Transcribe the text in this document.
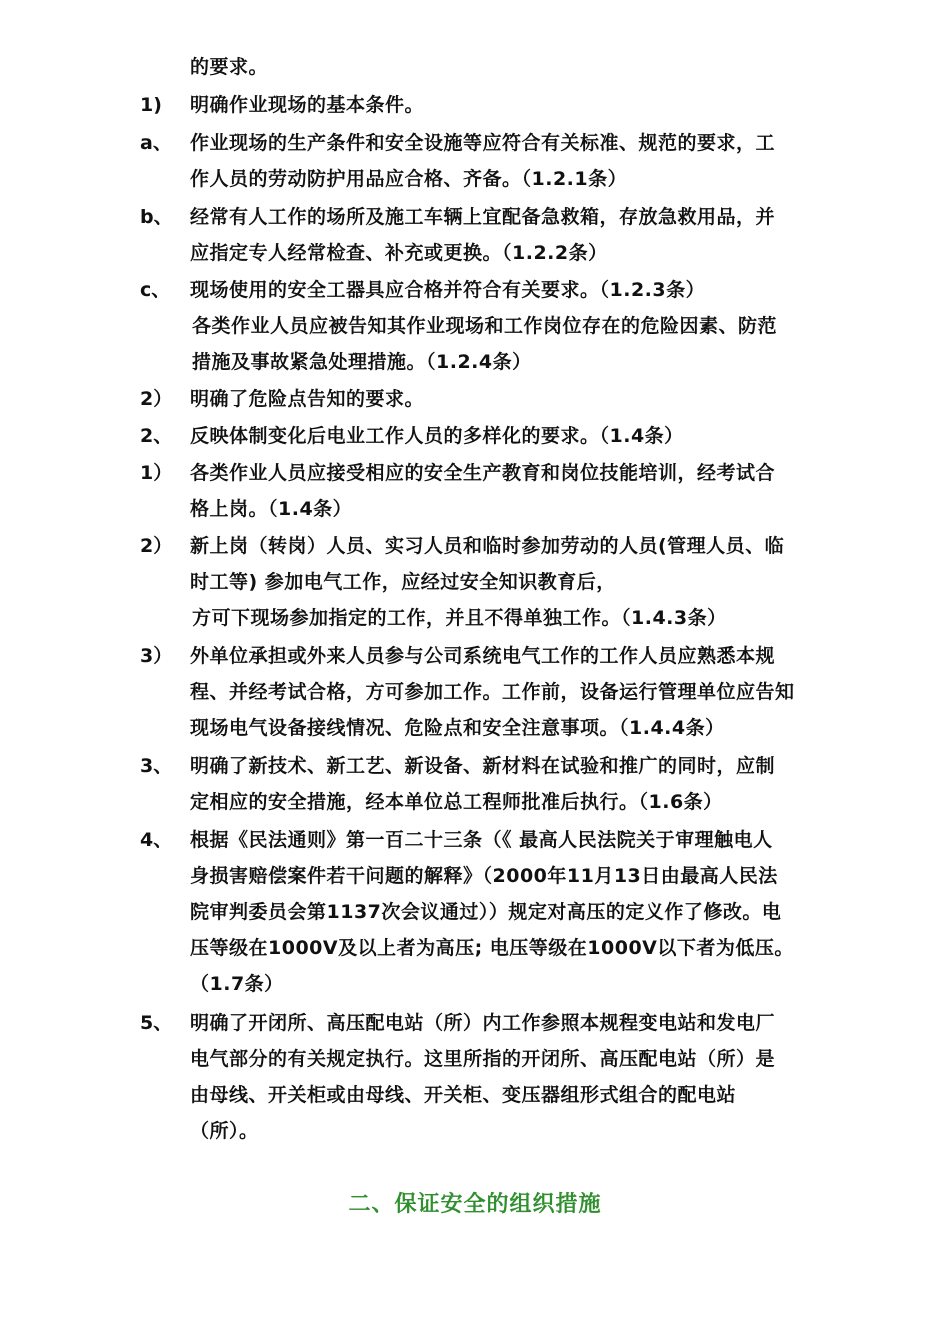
的要求。
1) 明确作业现场的基本条件。
a、 作业现场的生产条件和安全设施等应符合有关标准、规范的要求，工
作人员的劳动防护用品应合格、齐备。（1.2.1条）
b、 经常有人工作的场所及施工车辆上宜配备急救箱，存放急救用品，并
应指定专人经常检查、补充或更换。（1.2.2条）
c、 现场使用的安全工器具应合格并符合有关要求。（1.2.3条）
各类作业人员应被告知其作业现场和工作岗位存在的危险因素、防范
措施及事故紧急处理措施。（1.2.4条）
2） 明确了危险点告知的要求。
2、 反映体制变化后电业工作人员的多样化的要求。（1.4条）
1） 各类作业人员应接受相应的安全生产教育和岗位技能培训，经考试合
格上岗。（1.4条）
2） 新上岗（转岗）人员、实习人员和临时参加劳动的人员(管理人员、临
时工等) 参加电气工作，应经过安全知识教育后，
方可下现场参加指定的工作，并且不得单独工作。（1.4.3条）
3） 外单位承担或外来人员参与公司系统电气工作的工作人员应熟悉本规
程、并经考试合格，方可参加工作。工作前，设备运行管理单位应告知
现场电气设备接线情况、危险点和安全注意事项。（1.4.4条）
3、 明确了新技术、新工艺、新设备、新材料在试验和推广的同时，应制
定相应的安全措施，经本单位总工程师批准后执行。（1.6条）
4、 根据《民法通则》第一百二十三条（《 最高人民法院关于审理触电人
身损害赔偿案件若干问题的解释》（2000年11月13日由最高人民法
院审判委员会第1137次会议通过））规定对高压的定义作了修改。电
压等级在1000V及以上者为高压; 电压等级在1000V以下者为低压。
（1.7条）
5、 明确了开闭所、高压配电站（所）内工作参照本规程变电站和发电厂
电气部分的有关规定执行。这里所指的开闭所、高压配电站（所）是
由母线、开关柜或由母线、开关柜、变压器组形式组合的配电站
（所）。
二、保证安全的组织措施
